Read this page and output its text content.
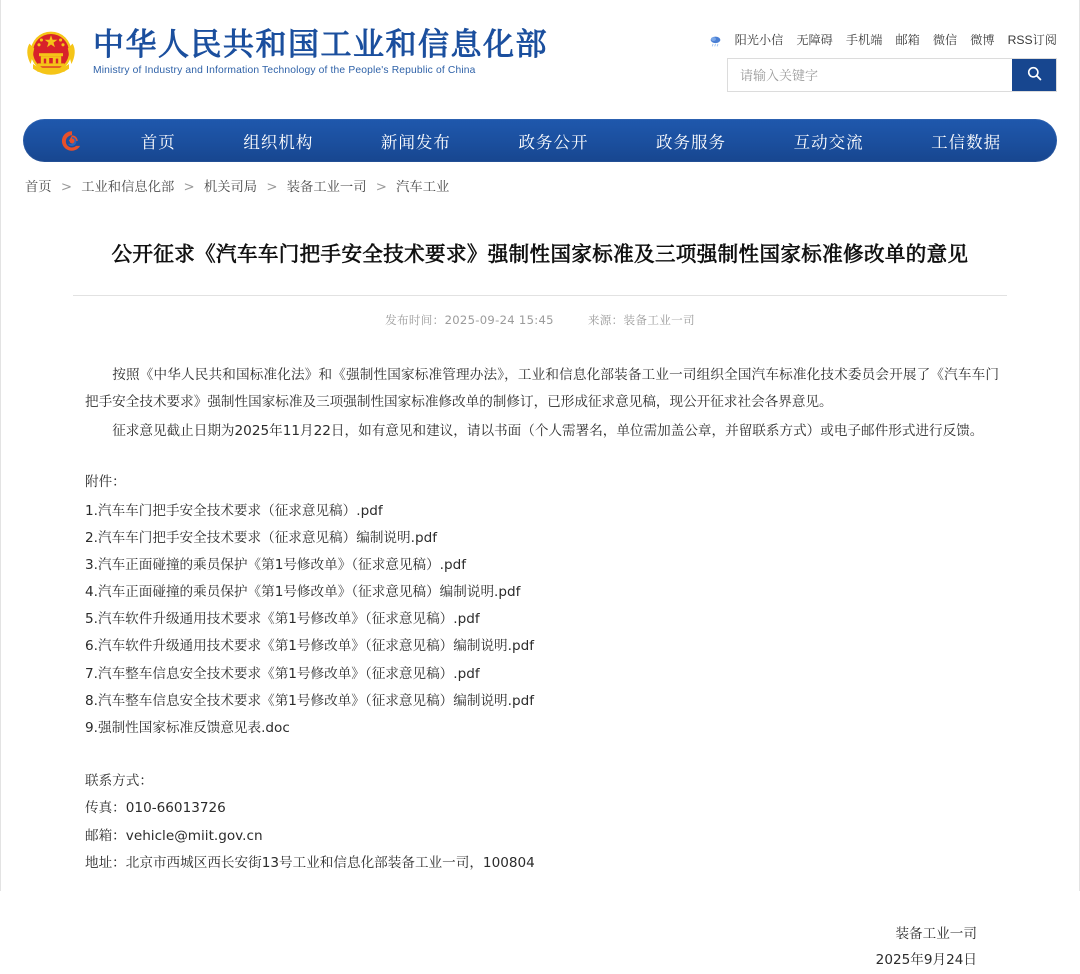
中华人民共和国工业和信息化部
Ministry of Industry and Information Technology of the People's Republic of China
阳光小信 无障碍 手机端 邮箱 微信 微博 RSS订阅
请输入关键字
首页	组织机构	新闻发布	政务公开	政务服务	互动交流	工信数据
首页 > 工业和信息化部 > 机关司局 > 装备工业一司 > 汽车工业
公开征求《汽车车门把手安全技术要求》强制性国家标准及三项强制性国家标准修改单的意见
发布时间：2025-09-24 15:45	来源：装备工业一司

按照《中华人民共和国标准化法》和《强制性国家标准管理办法》，工业和信息化部装备工业一司组织全国汽车标准化技术委员会开展了《汽车车门把手安全技术要求》强制性国家标准及三项强制性国家标准修改单的制修订，已形成征求意见稿，现公开征求社会各界意见。

征求意见截止日期为2025年11月22日，如有意见和建议，请以书面（个人需署名，单位需加盖公章，并留联系方式）或电子邮件形式进行反馈。

附件：
1.汽车车门把手安全技术要求（征求意见稿）.pdf
2.汽车车门把手安全技术要求（征求意见稿）编制说明.pdf
3.汽车正面碰撞的乘员保护《第1号修改单》（征求意见稿）.pdf
4.汽车正面碰撞的乘员保护《第1号修改单》（征求意见稿）编制说明.pdf
5.汽车软件升级通用技术要求《第1号修改单》（征求意见稿）.pdf
6.汽车软件升级通用技术要求《第1号修改单》（征求意见稿）编制说明.pdf
7.汽车整车信息安全技术要求《第1号修改单》（征求意见稿）.pdf
8.汽车整车信息安全技术要求《第1号修改单》（征求意见稿）编制说明.pdf
9.强制性国家标准反馈意见表.doc
联系方式：
传真：010-66013726
邮箱：vehicle@miit.gov.cn
地址：北京市西城区西长安街13号工业和信息化部装备工业一司，100804
装备工业一司
2025年9月24日
